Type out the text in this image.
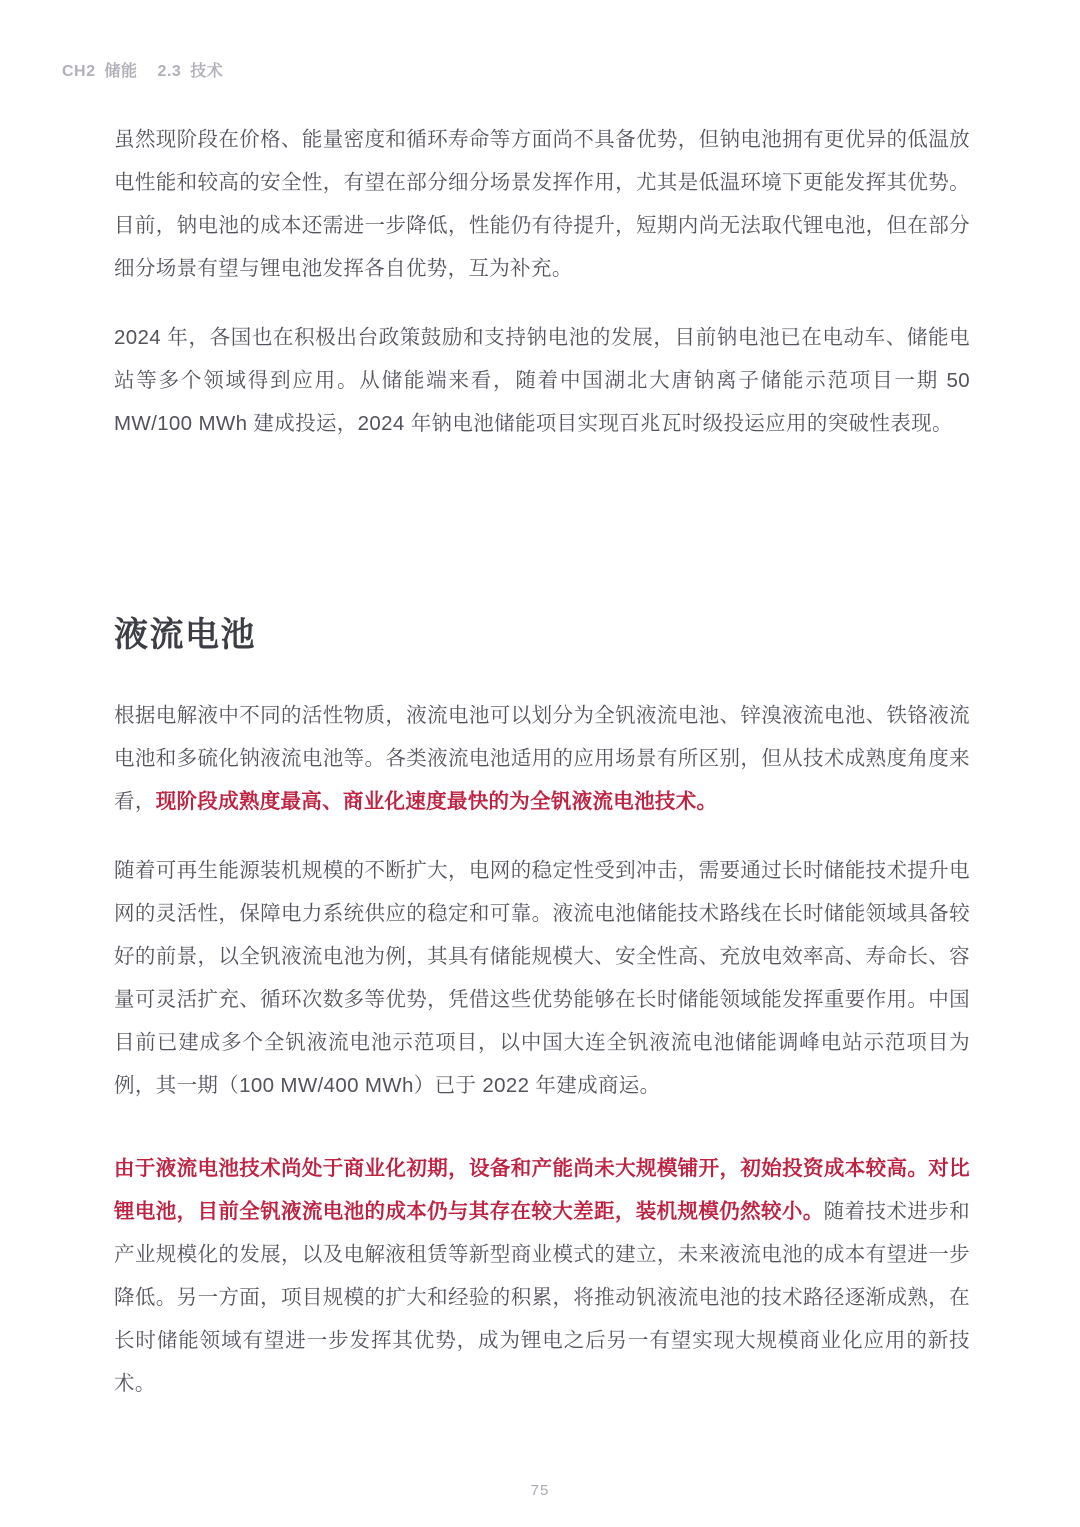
CH2 储能 2.3 技术

虽然现阶段在价格、能量密度和循环寿命等方面尚不具备优势，但钠电池拥有更优异的低温放电性能和较高的安全性，有望在部分细分场景发挥作用，尤其是低温环境下更能发挥其优势。目前，钠电池的成本还需进一步降低，性能仍有待提升，短期内尚无法取代锂电池，但在部分细分场景有望与锂电池发挥各自优势，互为补充。

2024 年，各国也在积极出台政策鼓励和支持钠电池的发展，目前钠电池已在电动车、储能电站等多个领域得到应用。从储能端来看，随着中国湖北大唐钠离子储能示范项目一期 50 MW/100 MWh 建成投运，2024 年钠电池储能项目实现百兆瓦时级投运应用的突破性表现。

液流电池

根据电解液中不同的活性物质，液流电池可以划分为全钒液流电池、锌溴液流电池、铁铬液流电池和多硫化钠液流电池等。各类液流电池适用的应用场景有所区别，但从技术成熟度角度来看，现阶段成熟度最高、商业化速度最快的为全钒液流电池技术。

随着可再生能源装机规模的不断扩大，电网的稳定性受到冲击，需要通过长时储能技术提升电网的灵活性，保障电力系统供应的稳定和可靠。液流电池储能技术路线在长时储能领域具备较好的前景，以全钒液流电池为例，其具有储能规模大、安全性高、充放电效率高、寿命长、容量可灵活扩充、循环次数多等优势，凭借这些优势能够在长时储能领域能发挥重要作用。中国目前已建成多个全钒液流电池示范项目，以中国大连全钒液流电池储能调峰电站示范项目为例，其一期（100 MW/400 MWh）已于 2022 年建成商运。

由于液流电池技术尚处于商业化初期，设备和产能尚未大规模铺开，初始投资成本较高。对比锂电池，目前全钒液流电池的成本仍与其存在较大差距，装机规模仍然较小。随着技术进步和产业规模化的发展，以及电解液租赁等新型商业模式的建立，未来液流电池的成本有望进一步降低。另一方面，项目规模的扩大和经验的积累，将推动钒液流电池的技术路径逐渐成熟，在长时储能领域有望进一步发挥其优势，成为锂电之后另一有望实现大规模商业化应用的新技术。

75
